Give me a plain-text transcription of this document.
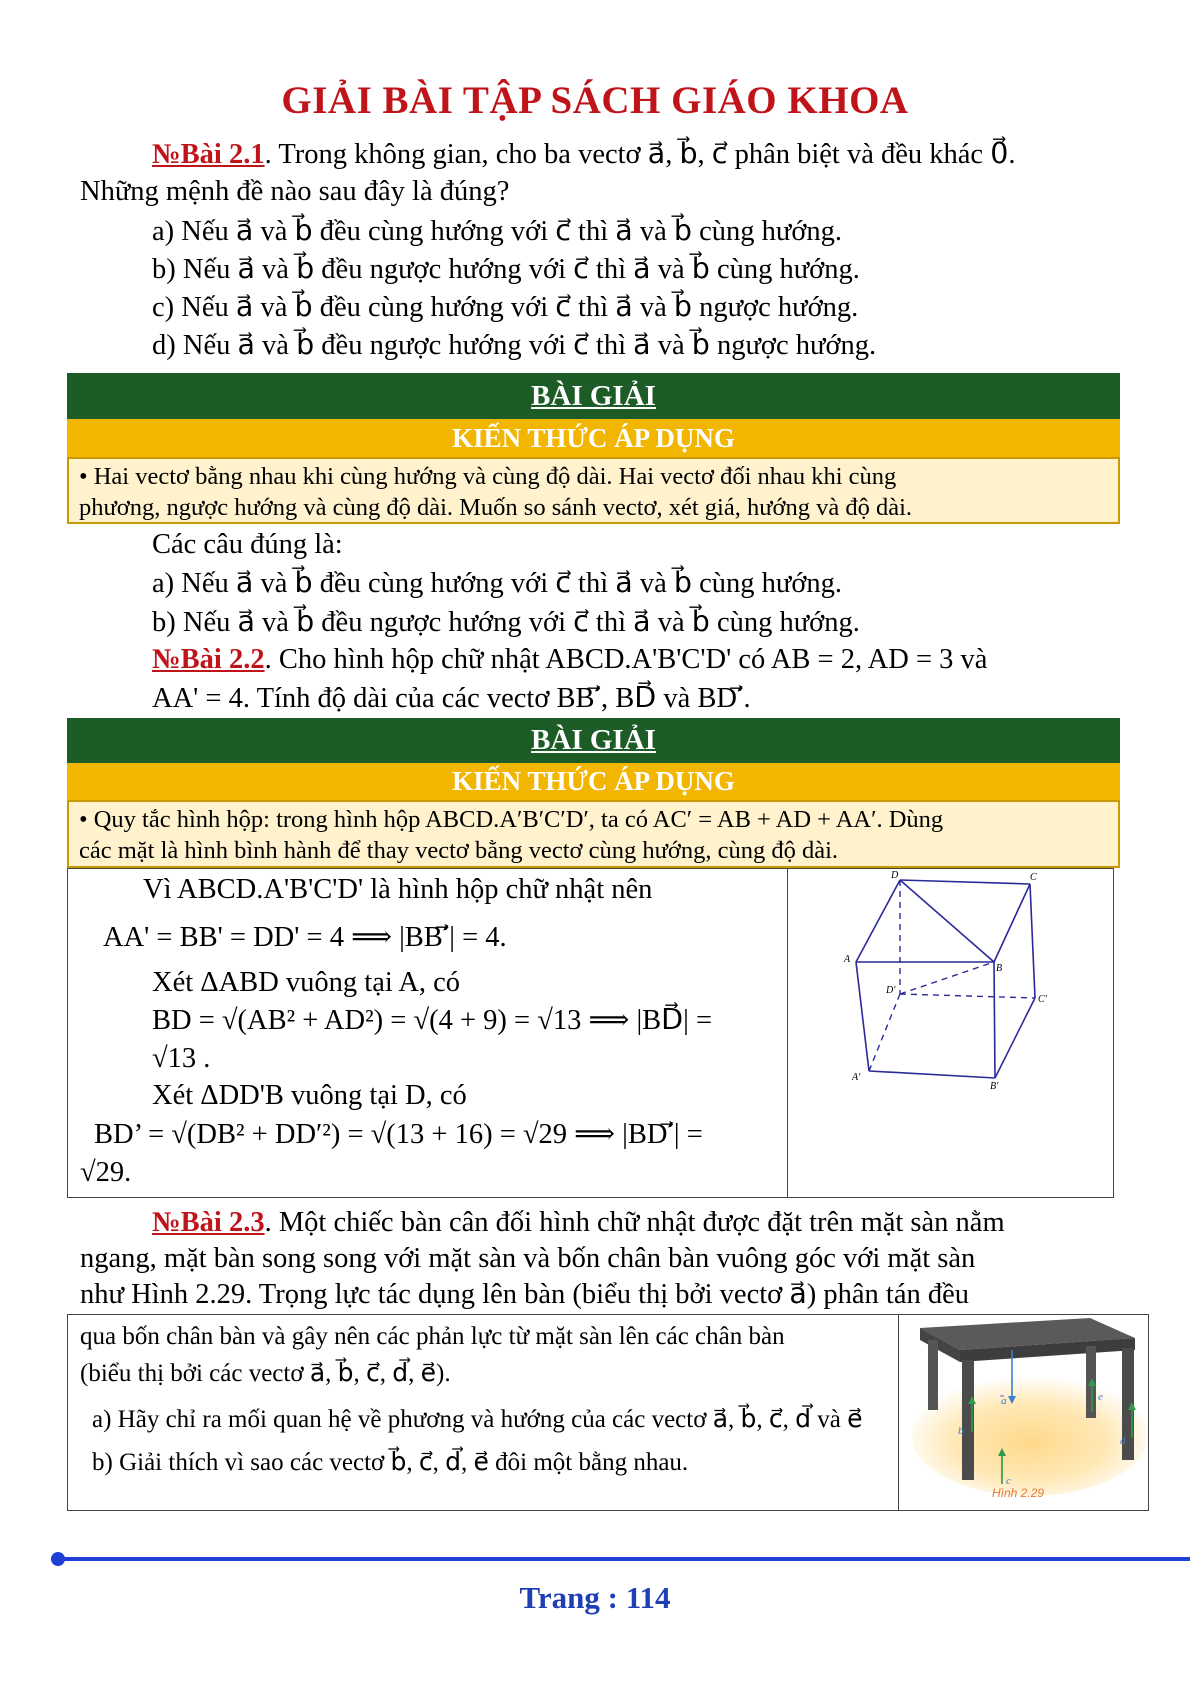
GIẢI BÀI TẬP SÁCH GIÁO KHOA
№Bài 2.1. Trong không gian, cho ba vectơ a⃗, b⃗, c⃗ phân biệt và đều khác 0⃗.
Những mệnh đề nào sau đây là đúng?
a) Nếu a⃗ và b⃗ đều cùng hướng với c⃗ thì a⃗ và b⃗ cùng hướng.
b) Nếu a⃗ và b⃗ đều ngược hướng với c⃗ thì a⃗ và b⃗ cùng hướng.
c) Nếu a⃗ và b⃗ đều cùng hướng với c⃗ thì a⃗ và b⃗ ngược hướng.
d) Nếu a⃗ và b⃗ đều ngược hướng với c⃗ thì a⃗ và b⃗ ngược hướng.
BÀI GIẢI
KIẾN THỨC ÁP DỤNG
• Hai vectơ bằng nhau khi cùng hướng và cùng độ dài. Hai vectơ đối nhau khi cùng
phương, ngược hướng và cùng độ dài. Muốn so sánh vectơ, xét giá, hướng và độ dài.
Các câu đúng là:
a) Nếu a⃗ và b⃗ đều cùng hướng với c⃗ thì a⃗ và b⃗ cùng hướng.
b) Nếu a⃗ và b⃗ đều ngược hướng với c⃗ thì a⃗ và b⃗ cùng hướng.
№Bài 2.2. Cho hình hộp chữ nhật ABCD.A'B'C'D' có AB = 2, AD = 3 và
AA' = 4. Tính độ dài của các vectơ BB′⃗, BD⃗ và BD′⃗.
BÀI GIẢI
KIẾN THỨC ÁP DỤNG
• Quy tắc hình hộp: trong hình hộp ABCD.A′B′C′D′, ta có AC′ = AB + AD + AA′. Dùng
các mặt là hình bình hành để thay vectơ bằng vectơ cùng hướng, cùng độ dài.
Vì ABCD.A'B'C'D' là hình hộp chữ nhật nên
AA' = BB' = DD' = 4 ⟹ |BB′⃗| = 4.
Xét ΔABD vuông tại A, có
BD = √(AB² + AD²) = √(4 + 9) = √13 ⟹ |BD⃗| =
√13 .
Xét ΔDD'B vuông tại D, có
BD’ = √(DB² + DD′²) = √(13 + 16) = √29 ⟹ |BD′⃗| =
√29.
D	C
A
B
D'
C'
A'
B'
№Bài 2.3. Một chiếc bàn cân đối hình chữ nhật được đặt trên mặt sàn nằm
ngang, mặt bàn song song với mặt sàn và bốn chân bàn vuông góc với mặt sàn
như Hình 2.29. Trọng lực tác dụng lên bàn (biểu thị bởi vectơ a⃗) phân tán đều
qua bốn chân bàn và gây nên các phản lực từ mặt sàn lên các chân bàn
(biểu thị bởi các vectơ a⃗, b⃗, c⃗, d⃗, e⃗).
a) Hãy chỉ ra mối quan hệ về phương và hướng của các vectơ a⃗, b⃗, c⃗, d⃗ và e⃗
b) Giải thích vì sao các vectơ b⃗, c⃗, d⃗, e⃗ đôi một bằng nhau.
a
b
c
d
e
Hình 2.29
Trang : 114
